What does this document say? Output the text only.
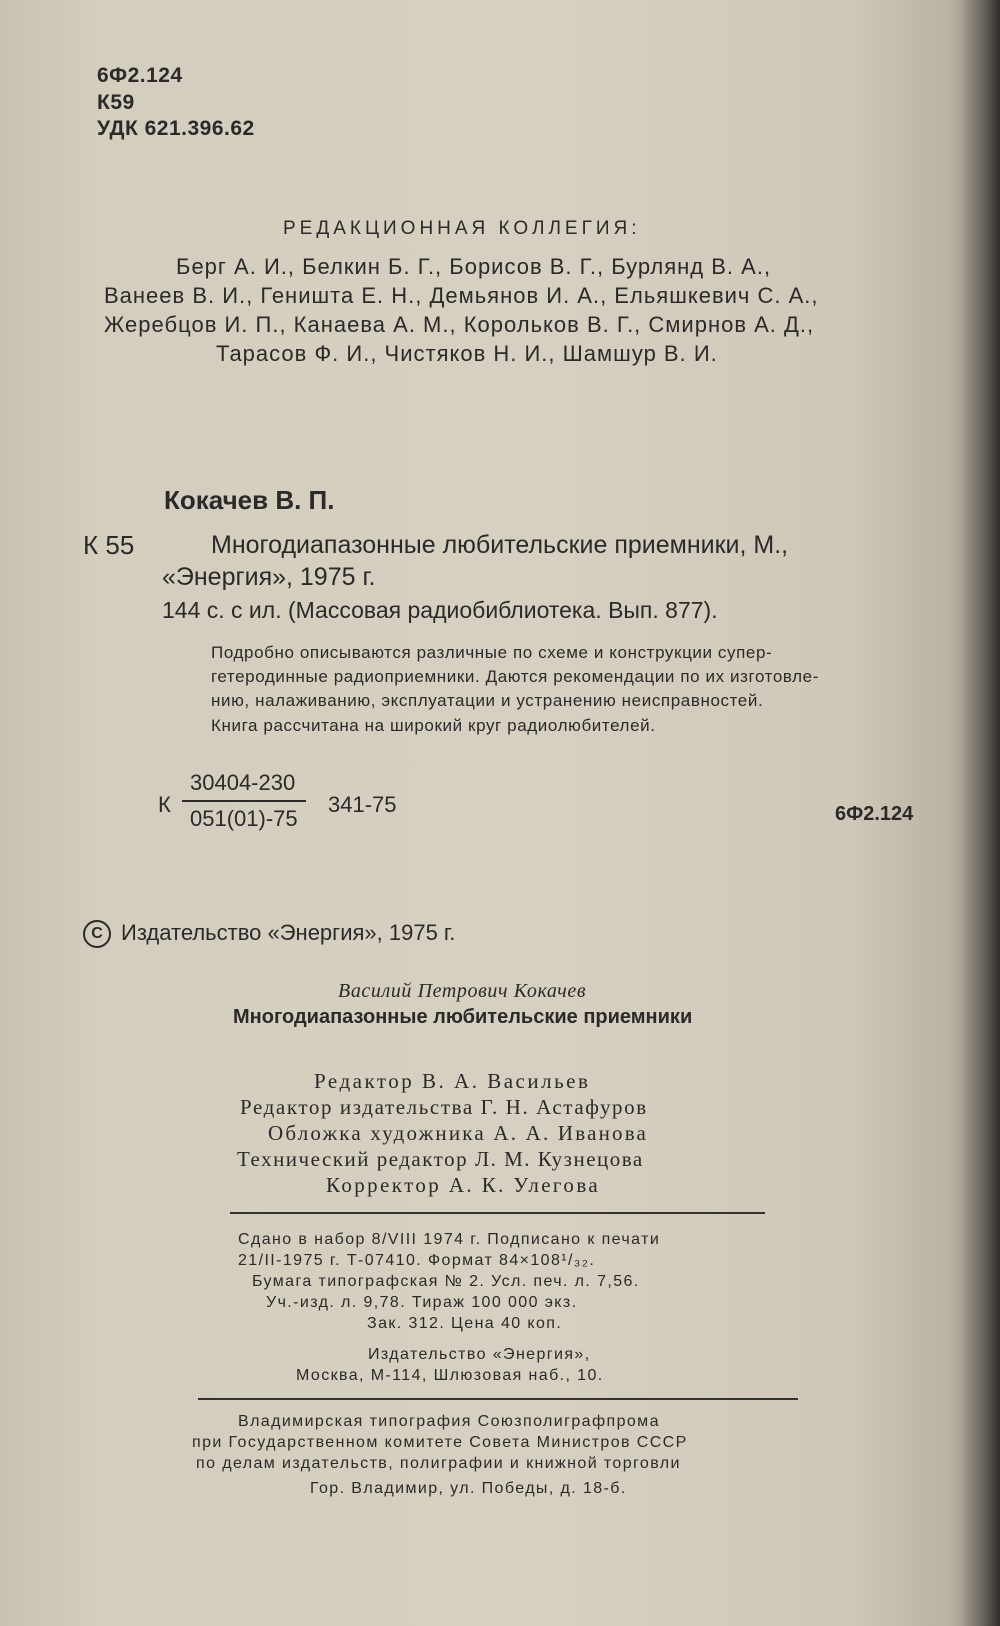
6Ф2.124
К59
УДК 621.396.62
РЕДАКЦИОННАЯ КОЛЛЕГИЯ:
Берг А. И., Белкин Б. Г., Борисов В. Г., Бурлянд В. А.,
Ванеев В. И., Геништа Е. Н., Демьянов И. А., Ельяшкевич С. А.,
Жеребцов И. П., Канаева А. М., Корольков В. Г., Смирнов А. Д.,
Тарасов Ф. И., Чистяков Н. И., Шамшур В. И.
Кокачев В. П.
К 55	Многодиапазонные любительские приемники, М.,
«Энергия», 1975 г.
144 с. с ил. (Массовая радиобиблиотека. Вып. 877).
Подробно описываются различные по схеме и конструкции супер-
гетеродинные радиоприемники. Даются рекомендации по их изготовле-
нию, налаживанию, эксплуатации и устранению неисправностей.
Книга рассчитана на широкий круг радиолюбителей.
К
30404-230
051(01)-75
341-75	6Ф2.124
C Издательство «Энергия», 1975 г.
Василий Петрович Кокачев
Многодиапазонные любительские приемники
Редактор В. А. Васильев
Редактор издательства Г. Н. Астафуров
Обложка художника А. А. Иванова
Технический редактор Л. М. Кузнецова
Корректор А. К. Улегова
Сдано в набор 8/VIII 1974 г. Подписано к печати
21/II-1975 г. Т-07410. Формат 84×108¹/₃₂.
Бумага типографская № 2. Усл. печ. л. 7,56.
Уч.-изд. л. 9,78. Тираж 100 000 экз.
Зак. 312. Цена 40 коп.
Издательство «Энергия»,
Москва, М-114, Шлюзовая наб., 10.
Владимирская типография Союзполиграфпрома
при Государственном комитете Совета Министров СССР
по делам издательств, полиграфии и книжной торговли
Гор. Владимир, ул. Победы, д. 18-б.
